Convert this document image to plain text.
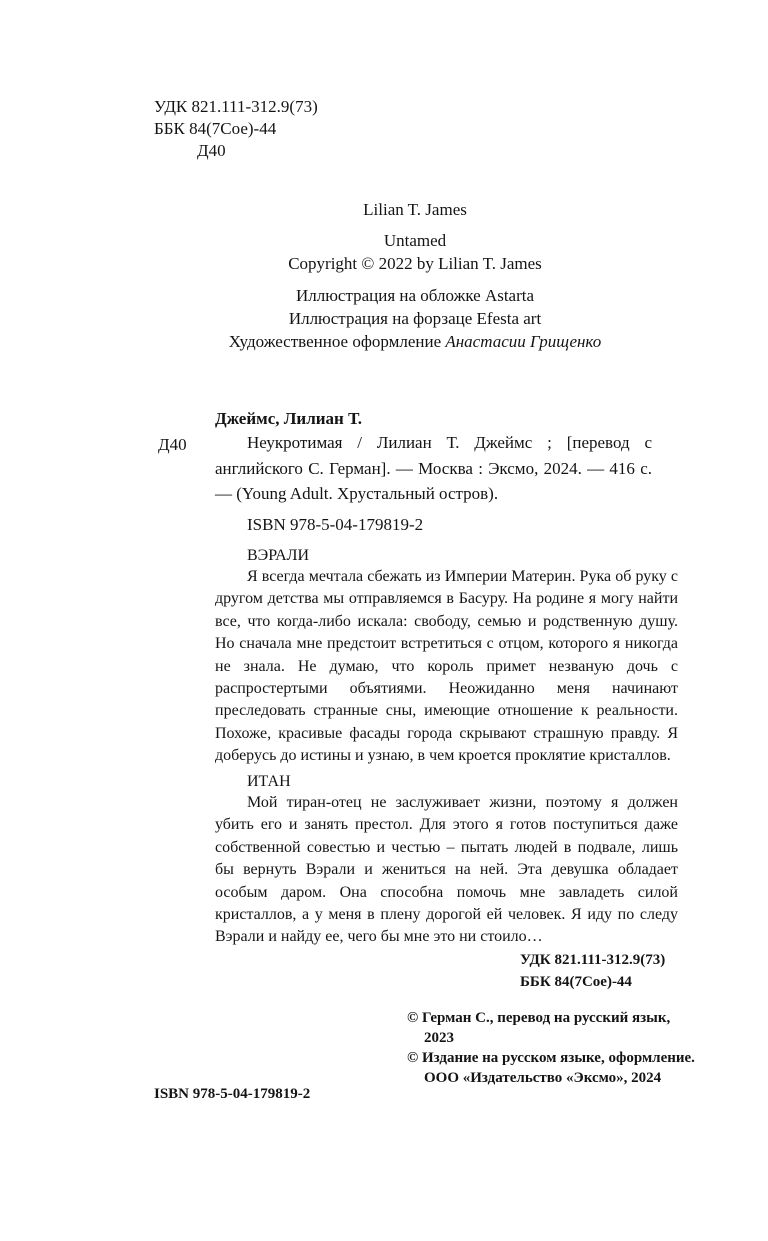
УДК 821.111-312.9(73)
ББК 84(7Сое)-44
Д40
Lilian T. James
Untamed
Copyright © 2022 by Lilian T. James
Иллюстрация на обложке Astarta
Иллюстрация на форзаце Efesta art
Художественное оформление Анастасии Грищенко
Джеймс, Лилиан Т.
Д40	Неукротимая / Лилиан Т. Джеймс ; [перевод с английского С. Герман]. — Москва : Эксмо, 2024. — 416 с. — (Young Adult. Хрустальный остров).
ISBN 978-5-04-179819-2
ВЭРАЛИ
Я всегда мечтала сбежать из Империи Материн. Рука об руку с другом детства мы отправляемся в Басуру. На родине я могу найти все, что когда-либо искала: свободу, семью и родственную душу. Но сначала мне предстоит встретиться с отцом, которого я никогда не знала. Не думаю, что король примет незваную дочь с распростертыми объятиями. Неожиданно меня начинают преследовать странные сны, имеющие отношение к реальности. Похоже, красивые фасады города скрывают страшную правду. Я доберусь до истины и узнаю, в чем кроется проклятие кристаллов.
ИТАН
Мой тиран-отец не заслуживает жизни, поэтому я должен убить его и занять престол. Для этого я готов поступиться даже собственной совестью и честью – пытать людей в подвале, лишь бы вернуть Вэрали и жениться на ней. Эта девушка обладает особым даром. Она способна помочь мне завладеть силой кристаллов, а у меня в плену дорогой ей человек. Я иду по следу Вэрали и найду ее, чего бы мне это ни стоило…
УДК 821.111-312.9(73)
ББК 84(7Сое)-44
© Герман С., перевод на русский язык, 2023
© Издание на русском языке, оформление. ООО «Издательство «Эксмо», 2024
ISBN 978-5-04-179819-2
